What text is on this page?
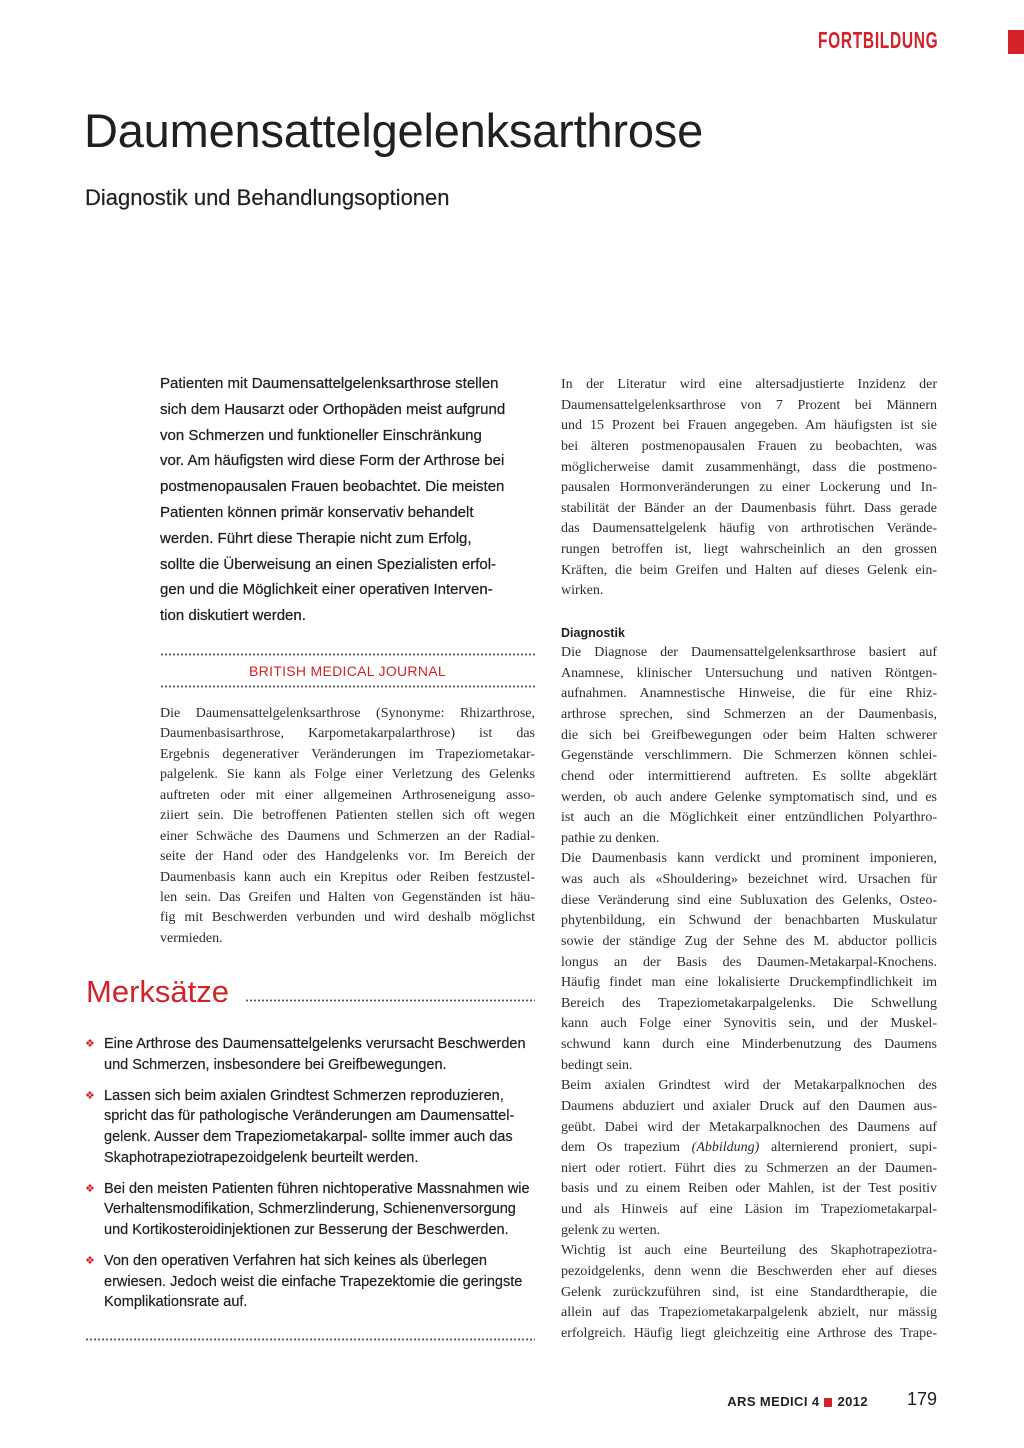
FORTBILDUNG
Daumensattelgelenksarthrose
Diagnostik und Behandlungsoptionen
Patienten mit Daumensattelgelenksarthrose stellen
sich dem Hausarzt oder Orthopäden meist aufgrund
von Schmerzen und funktioneller Einschränkung
vor. Am häufigsten wird diese Form der Arthrose bei
postmenopausalen Frauen beobachtet. Die meisten
Patienten können primär konservativ behandelt
werden. Führt diese Therapie nicht zum Erfolg,
sollte die Überweisung an einen Spezialisten erfol-
gen und die Möglichkeit einer operativen Interven-
tion diskutiert werden.
BRITISH MEDICAL JOURNAL
Die Daumensattelgelenksarthrose (Synonyme: Rhizarthrose,
Daumenbasisarthrose, Karpometakarpalarthrose) ist das
Ergebnis degenerativer Veränderungen im Trapeziometakar-
palgelenk. Sie kann als Folge einer Verletzung des Gelenks
auftreten oder mit einer allgemeinen Arthroseneigung asso-
ziiert sein. Die betroffenen Patienten stellen sich oft wegen
einer Schwäche des Daumens und Schmerzen an der Radial-
seite der Hand oder des Handgelenks vor. Im Bereich der
Daumenbasis kann auch ein Krepitus oder Reiben festzustel-
len sein. Das Greifen und Halten von Gegenständen ist häu-
fig mit Beschwerden verbunden und wird deshalb möglichst
vermieden.
Merksätze
❖
Eine Arthrose des Daumensattelgelenks verursacht Beschwerden
und Schmerzen, insbesondere bei Greifbewegungen.
❖
Lassen sich beim axialen Grindtest Schmerzen reproduzieren,
spricht das für pathologische Veränderungen am Daumensattel-
gelenk. Ausser dem Trapeziometakarpal- sollte immer auch das
Skaphotrapeziotrapezoidgelenk beurteilt werden.
❖
Bei den meisten Patienten führen nichtoperative Massnahmen wie
Verhaltensmodifikation, Schmerzlinderung, Schienenversorgung
und Kortikosteroidinjektionen zur Besserung der Beschwerden.
❖
Von den operativen Verfahren hat sich keines als überlegen
erwiesen. Jedoch weist die einfache Trapezektomie die geringste
Komplikationsrate auf.
In der Literatur wird eine altersadjustierte Inzidenz der
Daumensattelgelenksarthrose von 7 Prozent bei Männern
und 15 Prozent bei Frauen angegeben. Am häufigsten ist sie
bei älteren postmenopausalen Frauen zu beobachten, was
möglicherweise damit zusammenhängt, dass die postmeno-
pausalen Hormonveränderungen zu einer Lockerung und In-
stabilität der Bänder an der Daumenbasis führt. Dass gerade
das Daumensattelgelenk häufig von arthrotischen Verände-
rungen betroffen ist, liegt wahrscheinlich an den grossen
Kräften, die beim Greifen und Halten auf dieses Gelenk ein-
wirken.
Diagnostik
Die Diagnose der Daumensattelgelenksarthrose basiert auf
Anamnese, klinischer Untersuchung und nativen Röntgen-
aufnahmen. Anamnestische Hinweise, die für eine Rhiz-
arthrose sprechen, sind Schmerzen an der Daumenbasis,
die sich bei Greifbewegungen oder beim Halten schwerer
Gegenstände verschlimmern. Die Schmerzen können schlei-
chend oder intermittierend auftreten. Es sollte abgeklärt
werden, ob auch andere Gelenke symptomatisch sind, und es
ist auch an die Möglichkeit einer entzündlichen Polyarthro-
pathie zu denken.
Die Daumenbasis kann verdickt und prominent imponieren,
was auch als «Shouldering» bezeichnet wird. Ursachen für
diese Veränderung sind eine Subluxation des Gelenks, Osteo-
phytenbildung, ein Schwund der benachbarten Muskulatur
sowie der ständige Zug der Sehne des M. abductor pollicis
longus an der Basis des Daumen-Metakarpal-Knochens.
Häufig findet man eine lokalisierte Druckempfindlichkeit im
Bereich des Trapeziometakarpalgelenks. Die Schwellung
kann auch Folge einer Synovitis sein, und der Muskel-
schwund kann durch eine Minderbenutzung des Daumens
bedingt sein.
Beim axialen Grindtest wird der Metakarpalknochen des
Daumens abduziert und axialer Druck auf den Daumen aus-
geübt. Dabei wird der Metakarpalknochen des Daumens auf
dem Os trapezium (Abbildung) alternierend proniert, supi-
niert oder rotiert. Führt dies zu Schmerzen an der Daumen-
basis und zu einem Reiben oder Mahlen, ist der Test positiv
und als Hinweis auf eine Läsion im Trapeziometakarpal-
gelenk zu werten.
Wichtig ist auch eine Beurteilung des Skaphotrapeziotra-
pezoidgelenks, denn wenn die Beschwerden eher auf dieses
Gelenk zurückzuführen sind, ist eine Standardtherapie, die
allein auf das Trapeziometakarpalgelenk abzielt, nur mässig
erfolgreich. Häufig liegt gleichzeitig eine Arthrose des Trape-
ARS MEDICI 4 2012 179
